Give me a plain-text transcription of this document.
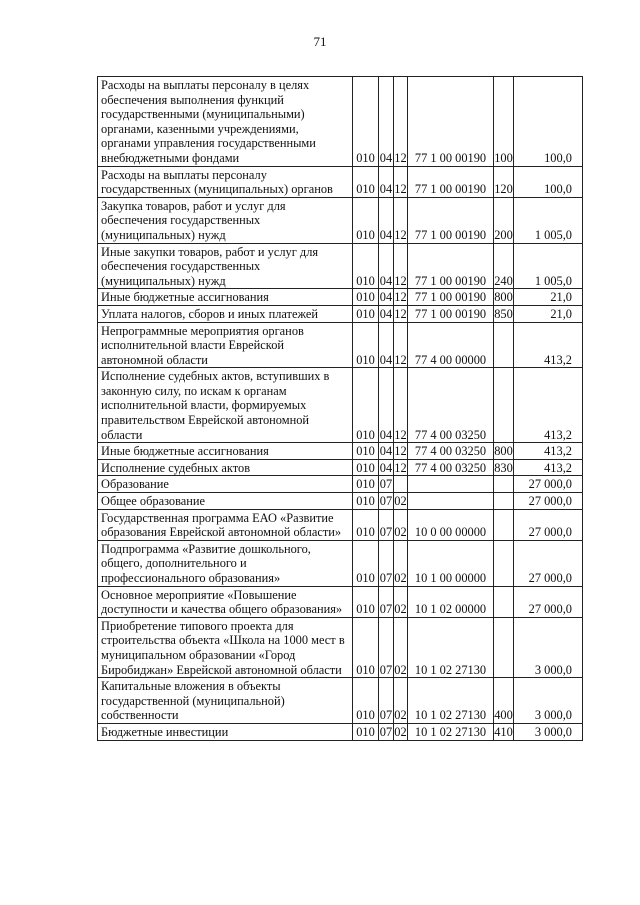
71
Расходы на выплаты персоналу в целях обеспечения выполнения функций государственными (муниципальными) органами, казенными учреждениями, органами управления государственными внебюджетными фондами	010	04	12	77 1 00 00190	100	100,0
Расходы на выплаты персоналу государственных (муниципальных) органов	010	04	12	77 1 00 00190	120	100,0
Закупка товаров, работ и услуг для обеспечения государственных (муниципальных) нужд	010	04	12	77 1 00 00190	200	1 005,0
Иные закупки товаров, работ и услуг для обеспечения государственных (муниципальных) нужд	010	04	12	77 1 00 00190	240	1 005,0
Иные бюджетные ассигнования	010	04	12	77 1 00 00190	800	21,0
Уплата налогов, сборов и иных платежей	010	04	12	77 1 00 00190	850	21,0
Непрограммные мероприятия органов исполнительной власти Еврейской автономной области	010	04	12	77 4 00 00000		413,2
Исполнение судебных актов, вступивших в законную силу, по искам к органам исполнительной власти, формируемых правительством Еврейской автономной области	010	04	12	77 4 00 03250		413,2
Иные бюджетные ассигнования	010	04	12	77 4 00 03250	800	413,2
Исполнение судебных актов	010	04	12	77 4 00 03250	830	413,2
Образование	010	07				27 000,0
Общее образование	010	07	02			27 000,0
Государственная программа ЕАО «Развитие образования Еврейской автономной области»	010	07	02	10 0 00 00000		27 000,0
Подпрограмма «Развитие дошкольного, общего, дополнительного и профессионального образования»	010	07	02	10 1 00 00000		27 000,0
Основное мероприятие «Повышение доступности и качества общего образования»	010	07	02	10 1 02 00000		27 000,0
Приобретение типового проекта для строительства объекта «Школа на 1000 мест в муниципальном образовании «Город Биробиджан» Еврейской автономной области	010	07	02	10 1 02 27130		3 000,0
Капитальные вложения в объекты государственной (муниципальной) собственности	010	07	02	10 1 02 27130	400	3 000,0
Бюджетные инвестиции	010	07	02	10 1 02 27130	410	3 000,0
